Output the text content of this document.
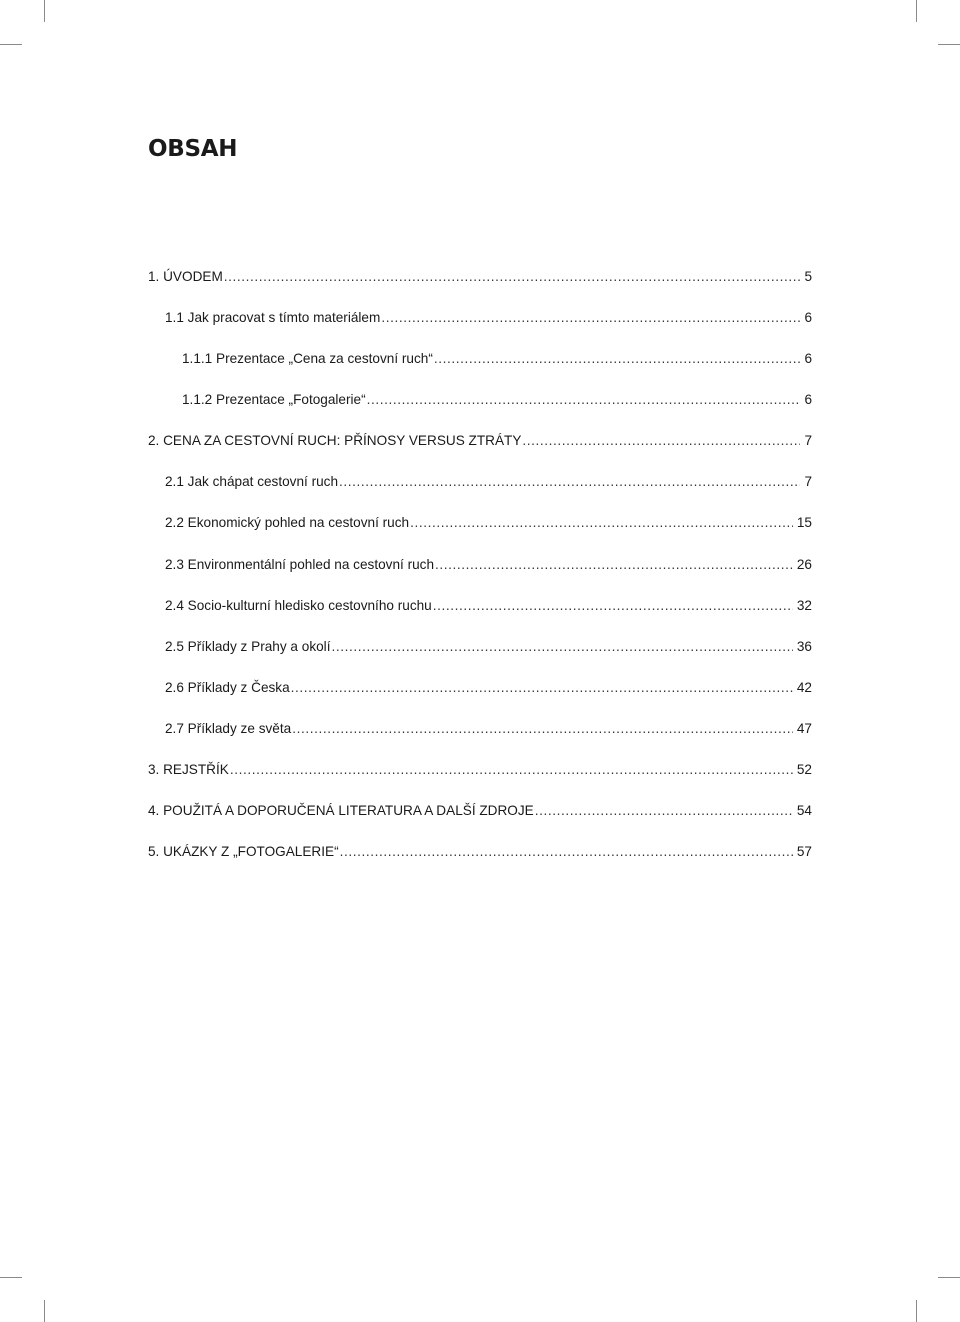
OBSAH
1. ÚVODEM .....	5
1.1 Jak pracovat s tímto materiálem .....	6
1.1.1 Prezentace „Cena za cestovní ruch“ .....	6
1.1.2 Prezentace „Fotogalerie“ .....	6
2. CENA ZA CESTOVNÍ RUCH: PŘÍNOSY VERSUS ZTRÁTY .....	7
2.1 Jak chápat cestovní ruch .....	7
2.2 Ekonomický pohled na cestovní ruch .....	15
2.3 Environmentální pohled na cestovní ruch .....	26
2.4 Socio-kulturní hledisko cestovního ruchu .....	32
2.5 Příklady z Prahy a okolí .....	36
2.6 Příklady z Česka .....	42
2.7 Příklady ze světa .....	47
3. REJSTŘÍK .....	52
4. POUŽITÁ A DOPORUČENÁ LITERATURA A DALŠÍ ZDROJE .....	54
5. UKÁZKY Z „FOTOGALERIE“ .....	57
